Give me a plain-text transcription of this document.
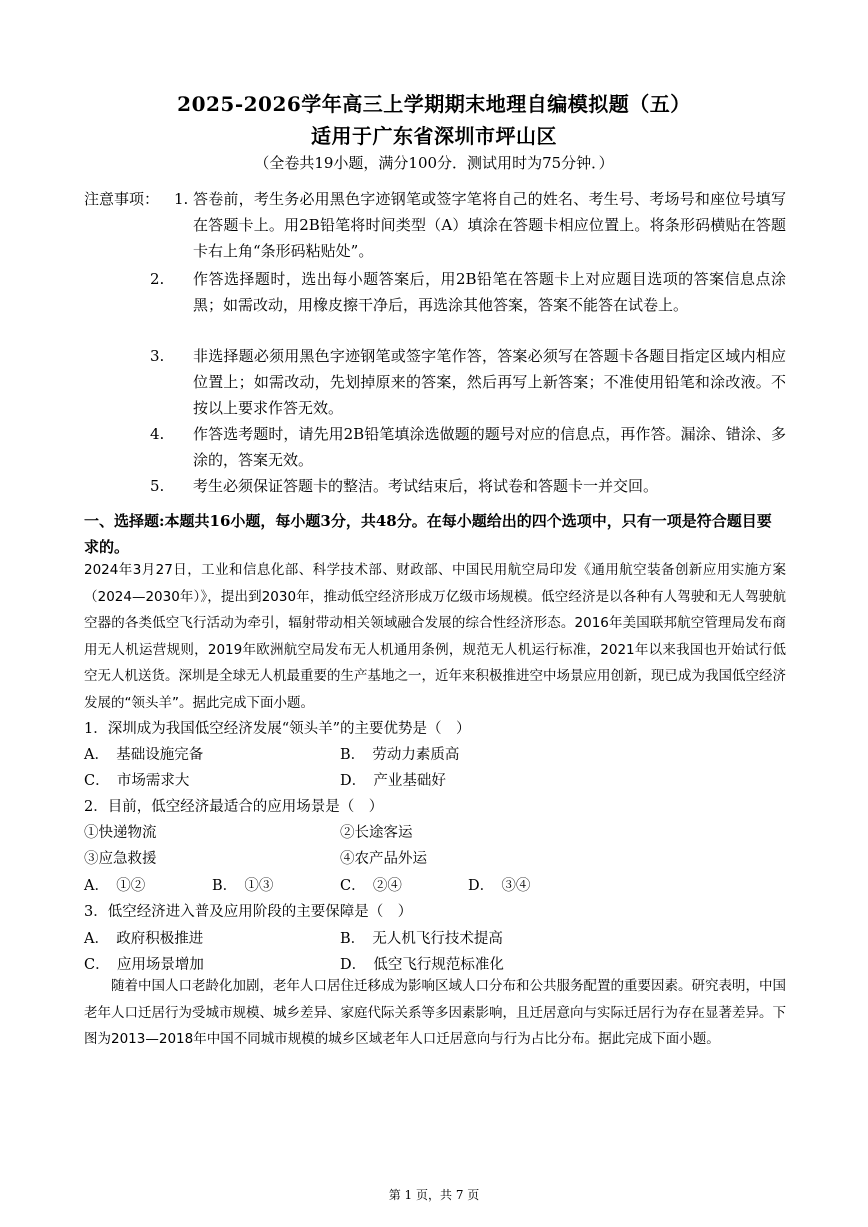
2025-2026学年高三上学期期末地理自编模拟题（五）
适用于广东省深圳市坪山区
（全卷共19小题，满分100分．测试用时为75分钟．）
注意事项： 1. 答卷前，考生务必用黑色字迹钢笔或签字笔将自己的姓名、考生号、考场号和座位号填写在答题卡上。用2B铅笔将时间类型（A）填涂在答题卡相应位置上。将条形码横贴在答题卡右上角“条形码粘贴处”。
2. 作答选择题时，选出每小题答案后，用2B铅笔在答题卡上对应题目选项的答案信息点涂黑；如需改动，用橡皮擦干净后，再选涂其他答案，答案不能答在试卷上。
3. 非选择题必须用黑色字迹钢笔或签字笔作答，答案必须写在答题卡各题目指定区域内相应位置上；如需改动，先划掉原来的答案，然后再写上新答案；不准使用铅笔和涂改液。不按以上要求作答无效。
4. 作答选考题时，请先用2B铅笔填涂选做题的题号对应的信息点，再作答。漏涂、错涂、多涂的，答案无效。
5. 考生必须保证答题卡的整洁。考试结束后，将试卷和答题卡一并交回。
一、选择题:本题共16小题，每小题3分，共48分。在每小题给出的四个选项中，只有一项是符合题目要求的。
2024年3月27日，工业和信息化部、科学技术部、财政部、中国民用航空局印发《通用航空装备创新应用实施方案（2024—2030年）》，提出到2030年，推动低空经济形成万亿级市场规模。低空经济是以各种有人驾驶和无人驾驶航空器的各类低空飞行活动为牵引，辐射带动相关领域融合发展的综合性经济形态。2016年美国联邦航空管理局发布商用无人机运营规则，2019年欧洲航空局发布无人机通用条例，规范无人机运行标准，2021年以来我国也开始试行低空无人机送货。深圳是全球无人机最重要的生产基地之一，近年来积极推进空中场景应用创新，现已成为我国低空经济发展的“领头羊”。据此完成下面小题。
1．深圳成为我国低空经济发展“领头羊”的主要优势是（　）
A．　基础设施完备	B．　劳动力素质高
C．　市场需求大	D．　产业基础好
2．目前，低空经济最适合的应用场景是（　）
①快递物流	②长途客运
③应急救援	④农产品外运
A．　①②	B．　①③	C．　②④	D．　③④
3．低空经济进入普及应用阶段的主要保障是（　）
A．　政府积极推进	B．　无人机飞行技术提高
C．　应用场景增加	D．　低空飞行规范标准化
随着中国人口老龄化加剧，老年人口居住迁移成为影响区域人口分布和公共服务配置的重要因素。研究表明，中国老年人口迁居行为受城市规模、城乡差异、家庭代际关系等多因素影响，且迁居意向与实际迁居行为存在显著差异。下图为2013—2018年中国不同城市规模的城乡区域老年人口迁居意向与行为占比分布。据此完成下面小题。
第 1 页，共 7 页
